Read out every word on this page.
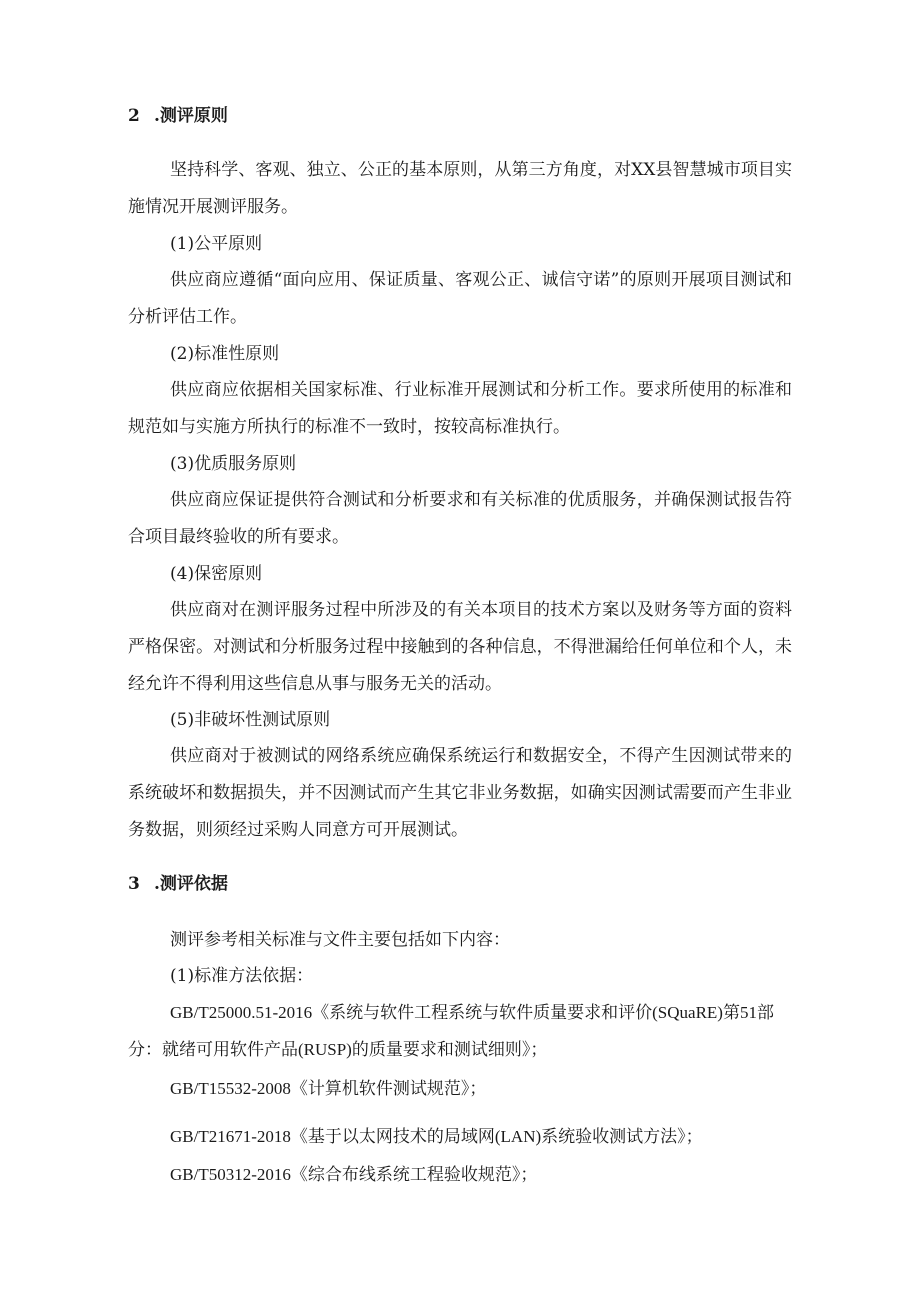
2 .测评原则

坚持科学、客观、独立、公正的基本原则，从第三方角度，对XX县智慧城市项目实施情况开展测评服务。

(1)公平原则

供应商应遵循“面向应用、保证质量、客观公正、诚信守诺”的原则开展项目测试和分析评估工作。

(2)标准性原则

供应商应依据相关国家标准、行业标准开展测试和分析工作。要求所使用的标准和规范如与实施方所执行的标准不一致时，按较高标准执行。

(3)优质服务原则

供应商应保证提供符合测试和分析要求和有关标准的优质服务，并确保测试报告符合项目最终验收的所有要求。

(4)保密原则

供应商对在测评服务过程中所涉及的有关本项目的技术方案以及财务等方面的资料严格保密。对测试和分析服务过程中接触到的各种信息，不得泄漏给任何单位和个人，未经允许不得利用这些信息从事与服务无关的活动。

(5)非破坏性测试原则

供应商对于被测试的网络系统应确保系统运行和数据安全，不得产生因测试带来的系统破坏和数据损失，并不因测试而产生其它非业务数据，如确实因测试需要而产生非业务数据，则须经过采购人同意方可开展测试。

3 .测评依据

测评参考相关标准与文件主要包括如下内容：

(1)标准方法依据：

GB/T25000.51-2016《系统与软件工程系统与软件质量要求和评价(SQuaRE)第51部分：就绪可用软件产品(RUSP)的质量要求和测试细则》；

GB/T15532-2008《计算机软件测试规范》；

GB/T21671-2018《基于以太网技术的局域网(LAN)系统验收测试方法》；

GB/T50312-2016《综合布线系统工程验收规范》；
